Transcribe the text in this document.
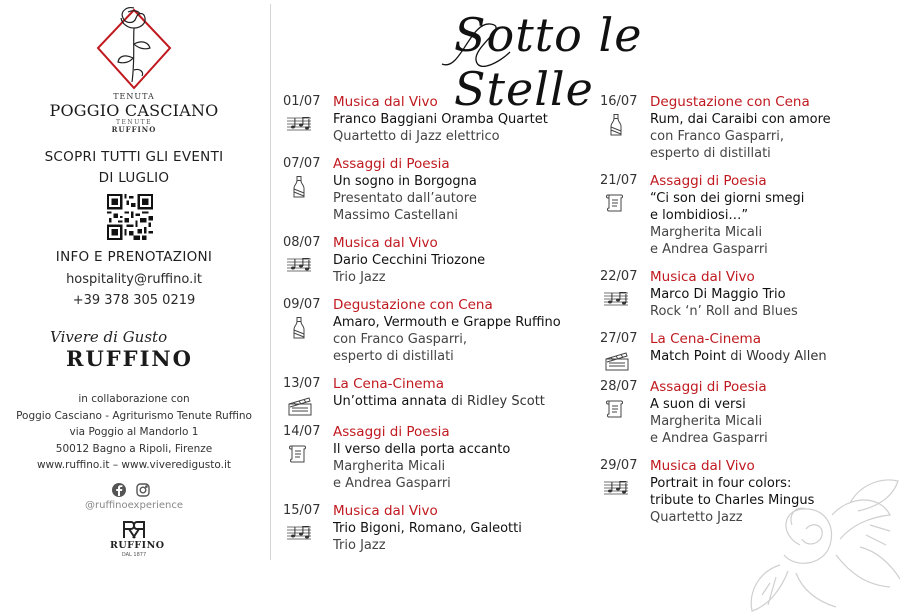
TENUTA
POGGIO CASCIANO
TENUTE
RUFFINO
SCOPRI TUTTI GLI EVENTI
DI LUGLIO
INFO E PRENOTAZIONI
hospitality@ruffino.it
+39 378 305 0219
Vivere di Gusto
RUFFINO
in collaborazione con
Poggio Casciano - Agriturismo Tenute Ruffino
via Poggio al Mandorlo 1
50012 Bagno a Ripoli, Firenze
www.ruffino.it – www.viveredigusto.it
@ruffinoexperience
RUFFINO
DAL 1877
Sotto le Stelle
01/07 Musica dal Vivo
Franco Baggiani Oramba Quartet
Quartetto di Jazz elettrico
07/07 Assaggi di Poesia
Un sogno in Borgogna
Presentato dall’autore
Massimo Castellani
08/07 Musica dal Vivo
Dario Cecchini Triozone
Trio Jazz
09/07 Degustazione con Cena
Amaro, Vermouth e Grappe Ruffino
con Franco Gasparri,
esperto di distillati
13/07 La Cena-Cinema
Un’ottima annata di Ridley Scott
14/07 Assaggi di Poesia
Il verso della porta accanto
Margherita Micali
e Andrea Gasparri
15/07 Musica dal Vivo
Trio Bigoni, Romano, Galeotti
Trio Jazz
16/07 Degustazione con Cena
Rum, dai Caraibi con amore
con Franco Gasparri,
esperto di distillati
21/07 Assaggi di Poesia
“Ci son dei giorni smegi
e lombidiosi…”
Margherita Micali
e Andrea Gasparri
22/07 Musica dal Vivo
Marco Di Maggio Trio
Rock ‘n’ Roll and Blues
27/07 La Cena-Cinema
Match Point di Woody Allen
28/07 Assaggi di Poesia
A suon di versi
Margherita Micali
e Andrea Gasparri
29/07 Musica dal Vivo
Portrait in four colors:
tribute to Charles Mingus
Quartetto Jazz
